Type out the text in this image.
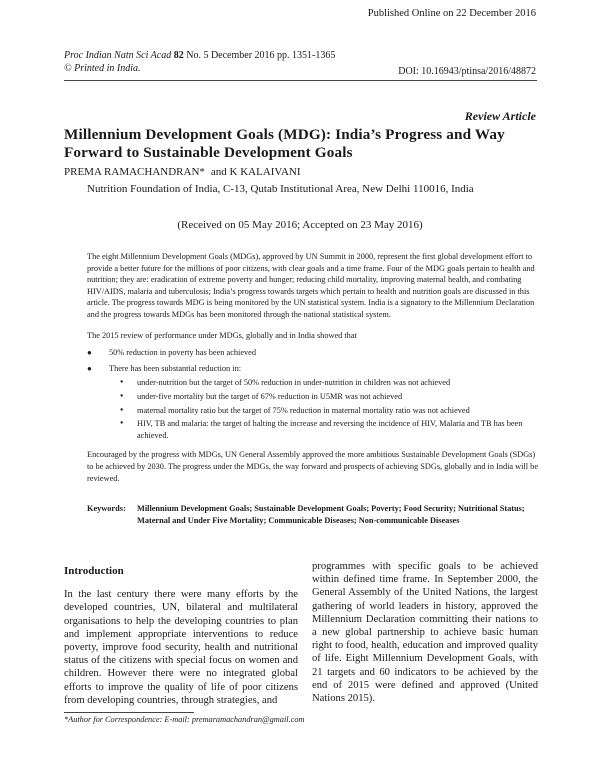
Published Online on 22 December 2016
Proc Indian Natn Sci Acad 82 No. 5 December 2016 pp. 1351-1365
© Printed in India.	DOI: 10.16943/ptinsa/2016/48872
Review Article
Millennium Development Goals (MDG): India’s Progress and Way Forward to Sustainable Development Goals
PREMA RAMACHANDRAN* and K KALAIVANI
Nutrition Foundation of India, C-13, Qutab Institutional Area, New Delhi 110016, India
(Received on 05 May 2016; Accepted on 23 May 2016)

The eight Millennium Development Goals (MDGs), approved by UN Summit in 2000, represent the first global development effort to provide a better future for the millions of poor citizens, with clear goals and a time frame. Four of the MDG goals pertain to health and nutrition; they are: eradication of extreme poverty and hunger; reducing child mortality, improving maternal health, and combating HIV/AIDS, malaria and tuberculosis; India’s progress towards targets which pertain to health and nutrition goals are discussed in this article. The progress towards MDG is being monitored by the UN statistical system. India is a signatory to the Millennium Declaration and the progress towards MDGs has been monitored through the national statistical system.

The 2015 review of performance under MDGs, globally and in India showed that

● 50% reduction in poverty has been achieved
● There has been substantial reduction in:
● under-nutrition but the target of 50% reduction in under-nutrition in children was not achieved
● under-five mortality but the target of 67% reduction in U5MR was not achieved
● maternal mortality ratio but the target of 75% reduction in maternal mortality ratio was not achieved
● HIV, TB and malaria: the target of halting the increase and reversing the incidence of HIV, Malaria and TB has been achieved.

Encouraged by the progress with MDGs, UN General Assembly approved the more ambitious Sustainable Development Goals (SDGs) to be achieved by 2030. The progress under the MDGs, the way forward and prospects of achieving SDGs, globally and in India will be reviewed.

Keywords:	Millennium Development Goals; Sustainable Development Goals; Poverty; Food Security; Nutritional Status; Maternal and Under Five Mortality; Communicable Diseases; Non-communicable Diseases
Introduction

In the last century there were many efforts by the developed countries, UN, bilateral and multilateral organisations to help the developing countries to plan and implement appropriate interventions to reduce poverty, improve food security, health and nutritional status of the citizens with special focus on women and children. However there were no integrated global efforts to improve the quality of life of poor citizens from developing countries, through strategies, and

programmes with specific goals to be achieved within defined time frame. In September 2000, the General Assembly of the United Nations, the largest gathering of world leaders in history, approved the Millennium Declaration committing their nations to a new global partnership to achieve basic human right to food, health, education and improved quality of life. Eight Millennium Development Goals, with 21 targets and 60 indicators to be achieved by the end of 2015 were defined and approved (United Nations 2015).

*Author for Correspondence: E-mail: premaramachandran@gmail.com
